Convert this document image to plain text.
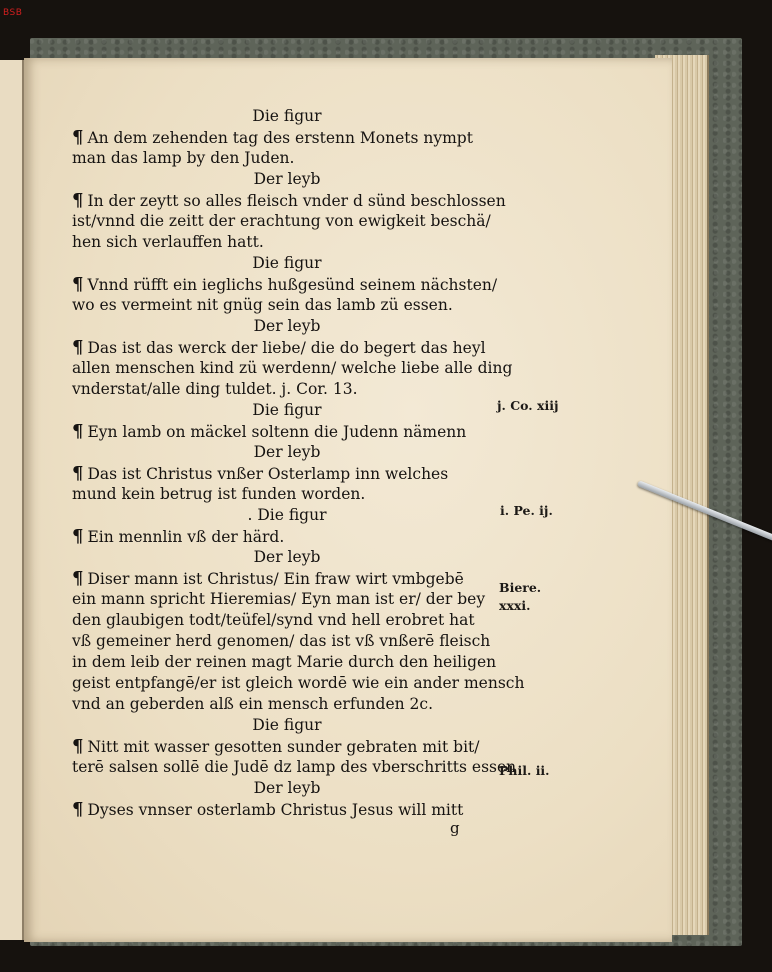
BSB
Die figur
¶ An dem zehenden tag des erstenn Monets nympt
man das lamp by den Juden.
Der leyb
¶ In der zeytt so alles fleisch vnder d sünd beschlossen
ist/vnnd die zeitt der erachtung von ewigkeit beschä/
hen sich verlauffen hatt.
Die figur
¶ Vnnd rüfft ein ieglichs hußgesünd seinem nächsten/
wo es vermeint nit gnüg sein das lamb zü essen.
Der leyb
¶ Das ist das werck der liebe/ die do begert das heyl
allen menschen kind zü werdenn/ welche liebe alle ding
vnderstat/alle ding tuldet. j. Cor. 13.
Die figur
¶ Eyn lamb on mäckel soltenn die Judenn nämenn
Der leyb
¶ Das ist Christus vnßer Osterlamp inn welches
mund kein betrug ist funden worden.
. Die figur
¶ Ein mennlin vß der härd.
Der leyb
¶ Diser mann ist Christus/ Ein fraw wirt vmbgebē
ein mann spricht Hieremias/ Eyn man ist er/ der bey
den glaubigen todt/teüfel/synd vnd hell erobret hat
vß gemeiner herd genomen/ das ist vß vnßerē fleisch
in dem leib der reinen magt Marie durch den heiligen
geist entpfangē/er ist gleich wordē wie ein ander mensch
vnd an geberden alß ein mensch erfunden 2c.
Die figur
¶ Nitt mit wasser gesotten sunder gebraten mit bit/
terē salsen sollē die Judē dz lamp des vberschritts essen
Der leyb
¶ Dyses vnnser osterlamb Christus Jesus will mitt
j. Co. xiij
i. Pe. ij.
Biere.
xxxi.
Phil. ii.
g
